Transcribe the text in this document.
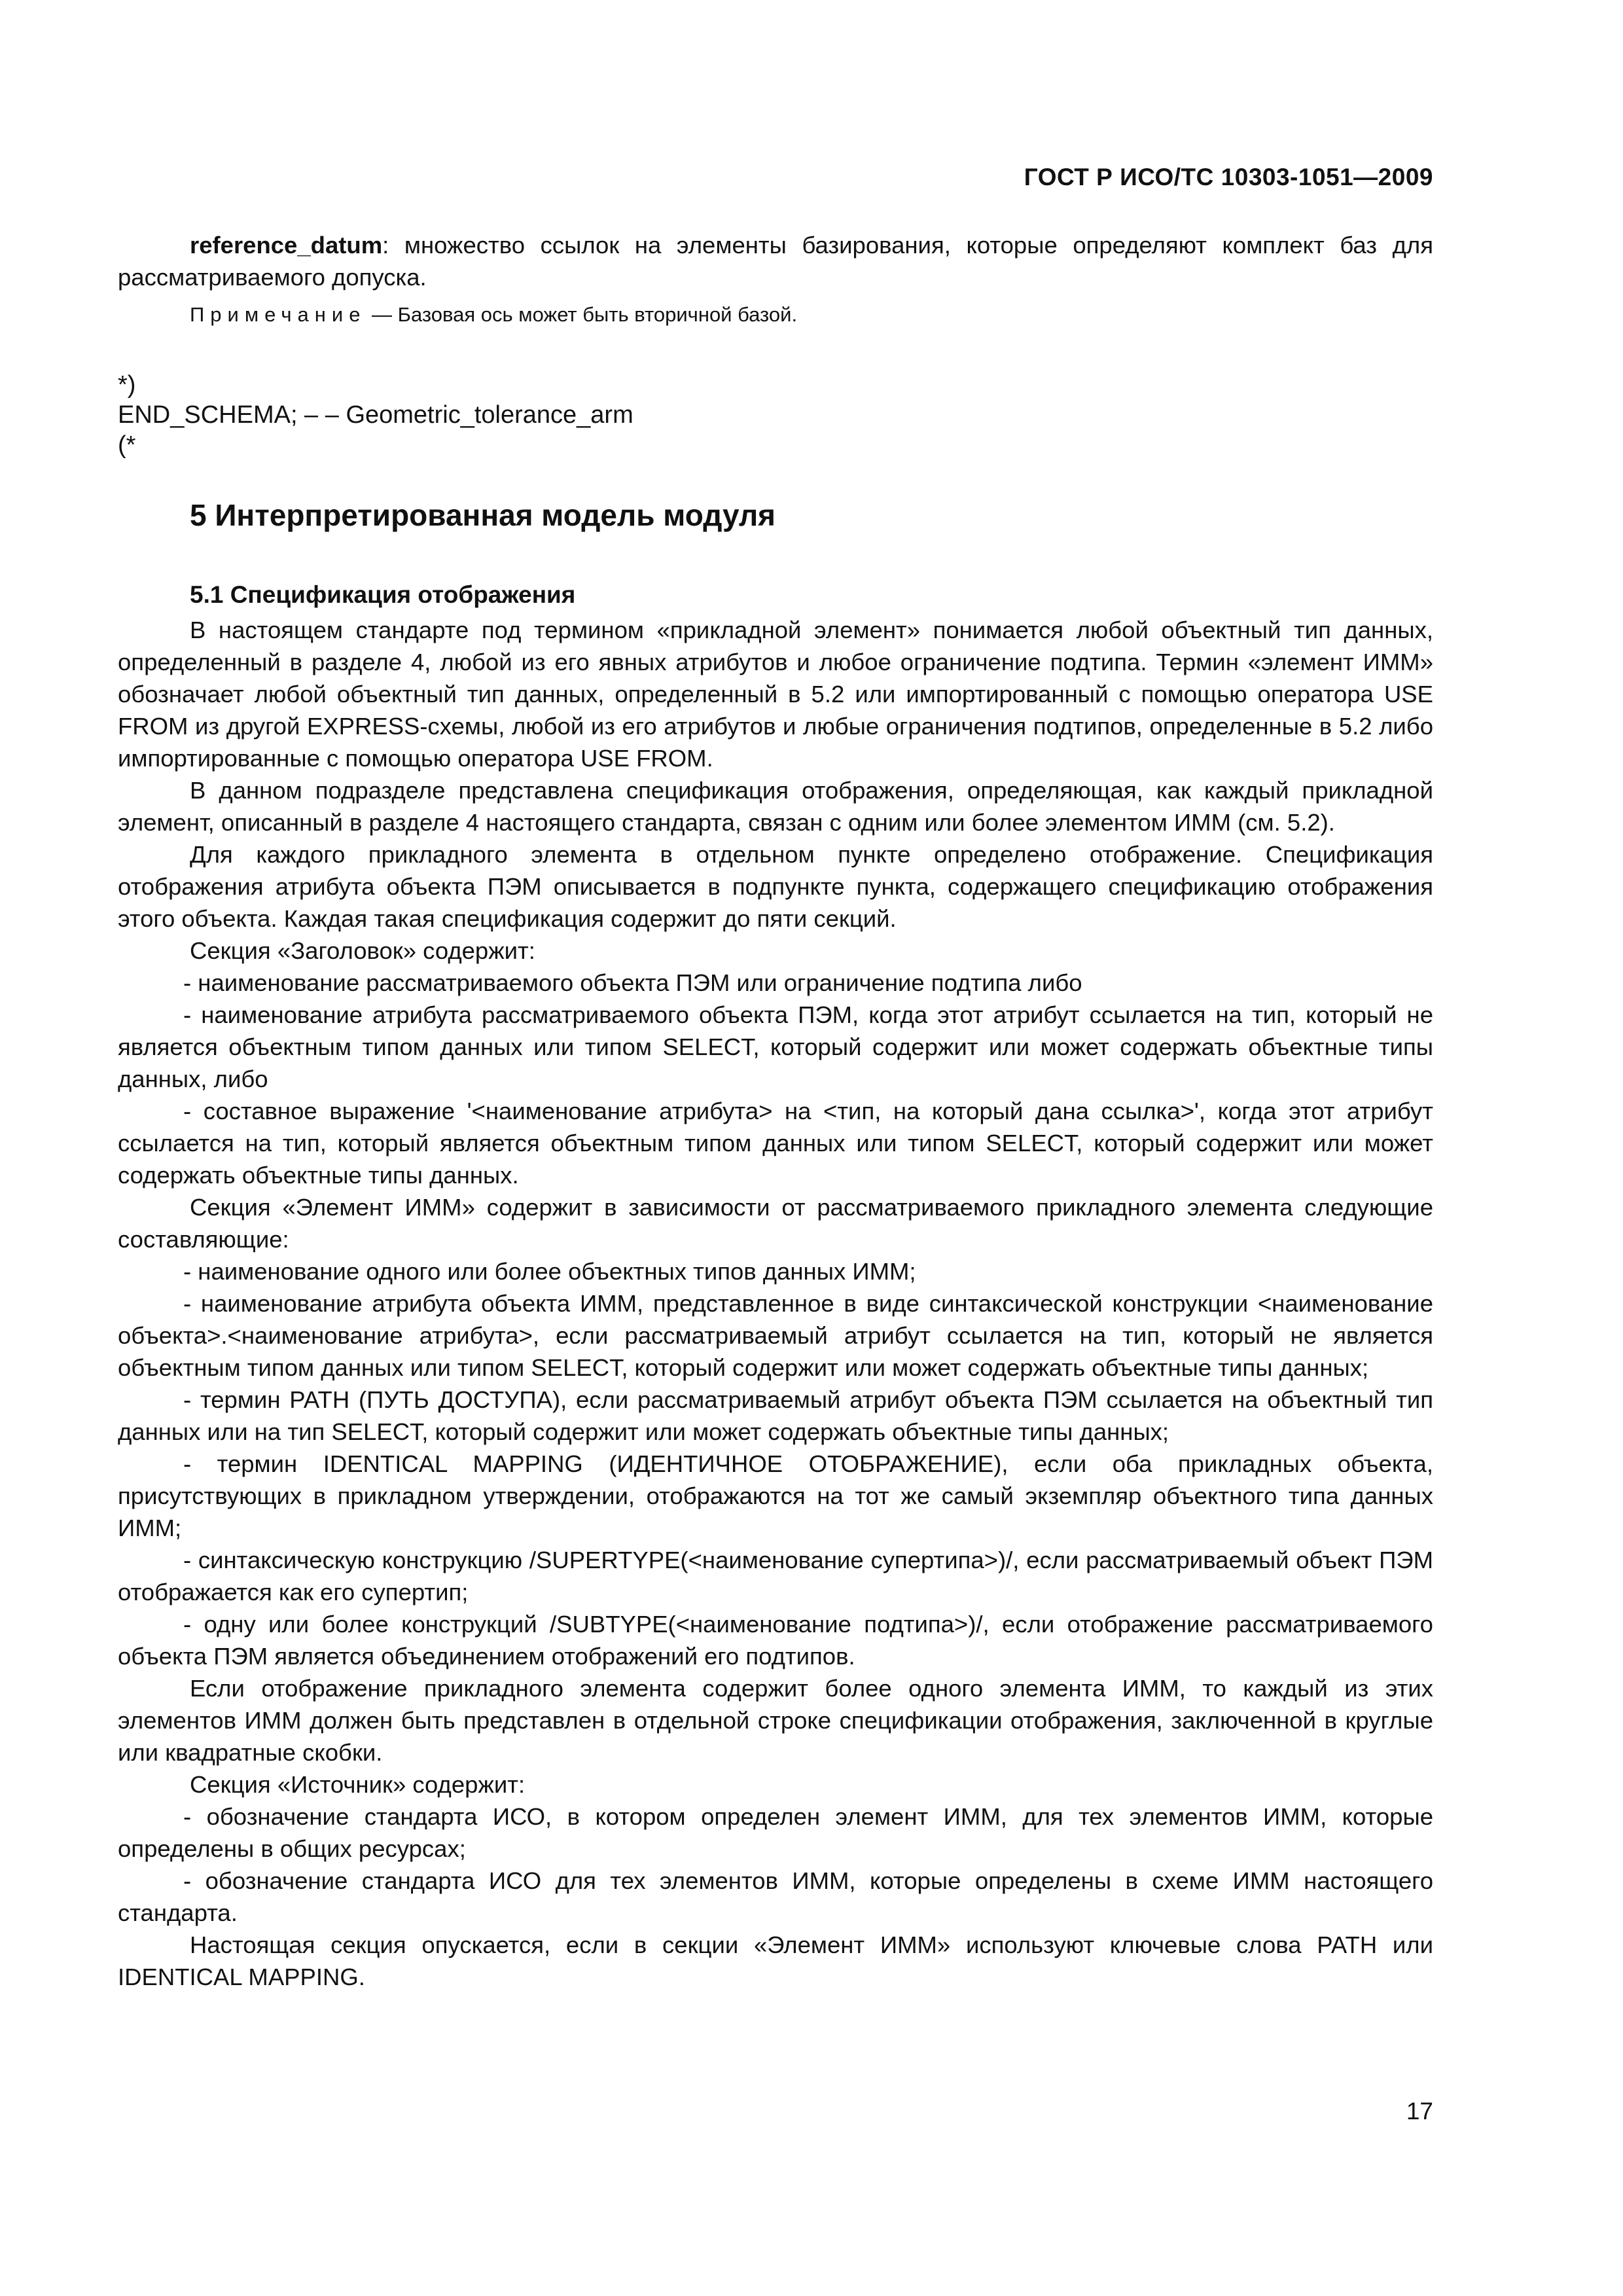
ГОСТ Р ИСО/ТС 10303-1051—2009

reference_datum: множество ссылок на элементы базирования, которые определяют комплект баз для рассматриваемого допуска.

Примечание — Базовая ось может быть вторичной базой.

*)

END_SCHEMA; – – Geometric_tolerance_arm

(*

5 Интерпретированная модель модуля

5.1 Спецификация отображения

В настоящем стандарте под термином «прикладной элемент» понимается любой объектный тип данных, определенный в разделе 4, любой из его явных атрибутов и любое ограничение подтипа. Термин «элемент ИММ» обозначает любой объектный тип данных, определенный в 5.2 или импортированный с помощью оператора USE FROM из другой EXPRESS-схемы, любой из его атрибутов и любые ограничения подтипов, определенные в 5.2 либо импортированные с помощью оператора USE FROM.

В данном подразделе представлена спецификация отображения, определяющая, как каждый прикладной элемент, описанный в разделе 4 настоящего стандарта, связан с одним или более элементом ИММ (см. 5.2).

Для каждого прикладного элемента в отдельном пункте определено отображение. Спецификация отображения атрибута объекта ПЭМ описывается в подпункте пункта, содержащего спецификацию отображения этого объекта. Каждая такая спецификация содержит до пяти секций.

Секция «Заголовок» содержит:

- наименование рассматриваемого объекта ПЭМ или ограничение подтипа либо

- наименование атрибута рассматриваемого объекта ПЭМ, когда этот атрибут ссылается на тип, который не является объектным типом данных или типом SELECT, который содержит или может содержать объектные типы данных, либо

- составное выражение '<наименование атрибута> на <тип, на который дана ссылка>', когда этот атрибут ссылается на тип, который является объектным типом данных или типом SELECT, который содержит или может содержать объектные типы данных.

Секция «Элемент ИММ» содержит в зависимости от рассматриваемого прикладного элемента следующие составляющие:

- наименование одного или более объектных типов данных ИММ;

- наименование атрибута объекта ИММ, представленное в виде синтаксической конструкции <наименование объекта>.<наименование атрибута>, если рассматриваемый атрибут ссылается на тип, который не является объектным типом данных или типом SELECT, который содержит или может содержать объектные типы данных;

- термин PATH (ПУТЬ ДОСТУПА), если рассматриваемый атрибут объекта ПЭМ ссылается на объектный тип данных или на тип SELECT, который содержит или может содержать объектные типы данных;

- термин IDENTICAL MAPPING (ИДЕНТИЧНОЕ ОТОБРАЖЕНИЕ), если оба прикладных объекта, присутствующих в прикладном утверждении, отображаются на тот же самый экземпляр объектного типа данных ИММ;

- синтаксическую конструкцию /SUPERTYPE(<наименование супертипа>)/, если рассматриваемый объект ПЭМ отображается как его супертип;

- одну или более конструкций /SUBTYPE(<наименование подтипа>)/, если отображение рассматриваемого объекта ПЭМ является объединением отображений его подтипов.

Если отображение прикладного элемента содержит более одного элемента ИММ, то каждый из этих элементов ИММ должен быть представлен в отдельной строке спецификации отображения, заключенной в круглые или квадратные скобки.

Секция «Источник» содержит:

- обозначение стандарта ИСО, в котором определен элемент ИММ, для тех элементов ИММ, которые определены в общих ресурсах;

- обозначение стандарта ИСО для тех элементов ИММ, которые определены в схеме ИММ настоящего стандарта.

Настоящая секция опускается, если в секции «Элемент ИММ» используют ключевые слова PATH или IDENTICAL MAPPING.

17
